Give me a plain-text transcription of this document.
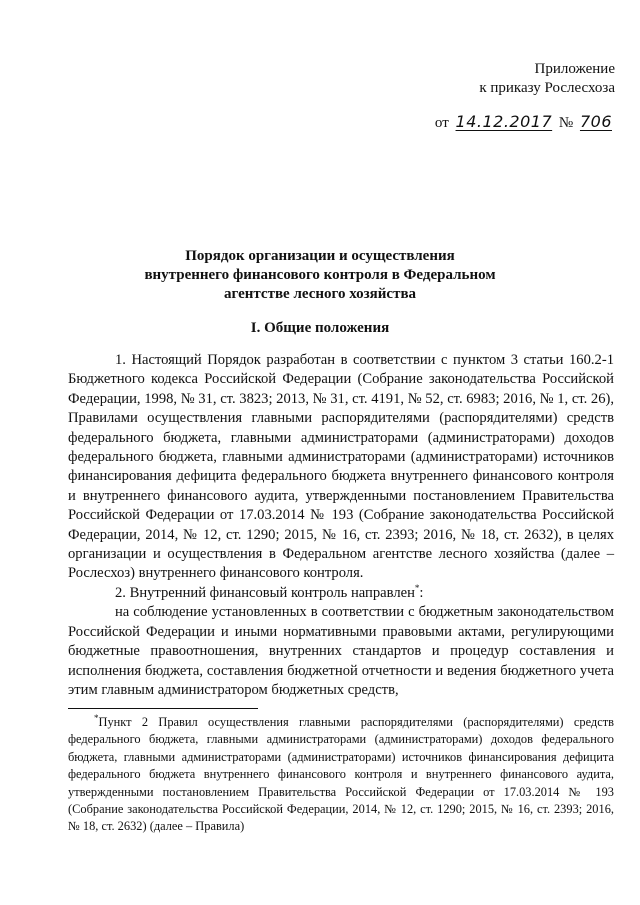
Приложение
к приказу Рослесхоза
от 14.12.2017 № 706
Порядок организации и осуществления
внутреннего финансового контроля в Федеральном
агентстве лесного хозяйства
I. Общие положения

1. Настоящий Порядок разработан в соответствии с пунктом 3 статьи 160.2-1 Бюджетного кодекса Российской Федерации (Собрание законодательства Российской Федерации, 1998, № 31, ст. 3823; 2013, № 31, ст. 4191, № 52, ст. 6983; 2016, № 1, ст. 26), Правилами осуществления главными распорядителями (распорядителями) средств федерального бюджета, главными администраторами (администраторами) доходов федерального бюджета, главными администраторами (администраторами) источников финансирования дефицита федерального бюджета внутреннего финансового контроля и внутреннего финансового аудита, утвержденными постановлением Правительства Российской Федерации от 17.03.2014 № 193 (Собрание законодательства Российской Федерации, 2014, № 12, ст. 1290; 2015, № 16, ст. 2393; 2016, № 18, ст. 2632), в целях организации и осуществления в Федеральном агентстве лесного хозяйства (далее – Рослесхоз) внутреннего финансового контроля.

2. Внутренний финансовый контроль направлен*:

на соблюдение установленных в соответствии с бюджетным законодательством Российской Федерации и иными нормативными правовыми актами, регулирующими бюджетные правоотношения, внутренних стандартов и процедур составления и исполнения бюджета, составления бюджетной отчетности и ведения бюджетного учета этим главным администратором бюджетных средств,

*Пункт 2 Правил осуществления главными распорядителями (распорядителями) средств федерального бюджета, главными администраторами (администраторами) доходов федерального бюджета, главными администраторами (администраторами) источников финансирования дефицита федерального бюджета внутреннего финансового контроля и внутреннего финансового аудита, утвержденными постановлением Правительства Российской Федерации от 17.03.2014 № 193 (Собрание законодательства Российской Федерации, 2014, № 12, ст. 1290; 2015, № 16, ст. 2393; 2016, № 18, ст. 2632) (далее – Правила)
